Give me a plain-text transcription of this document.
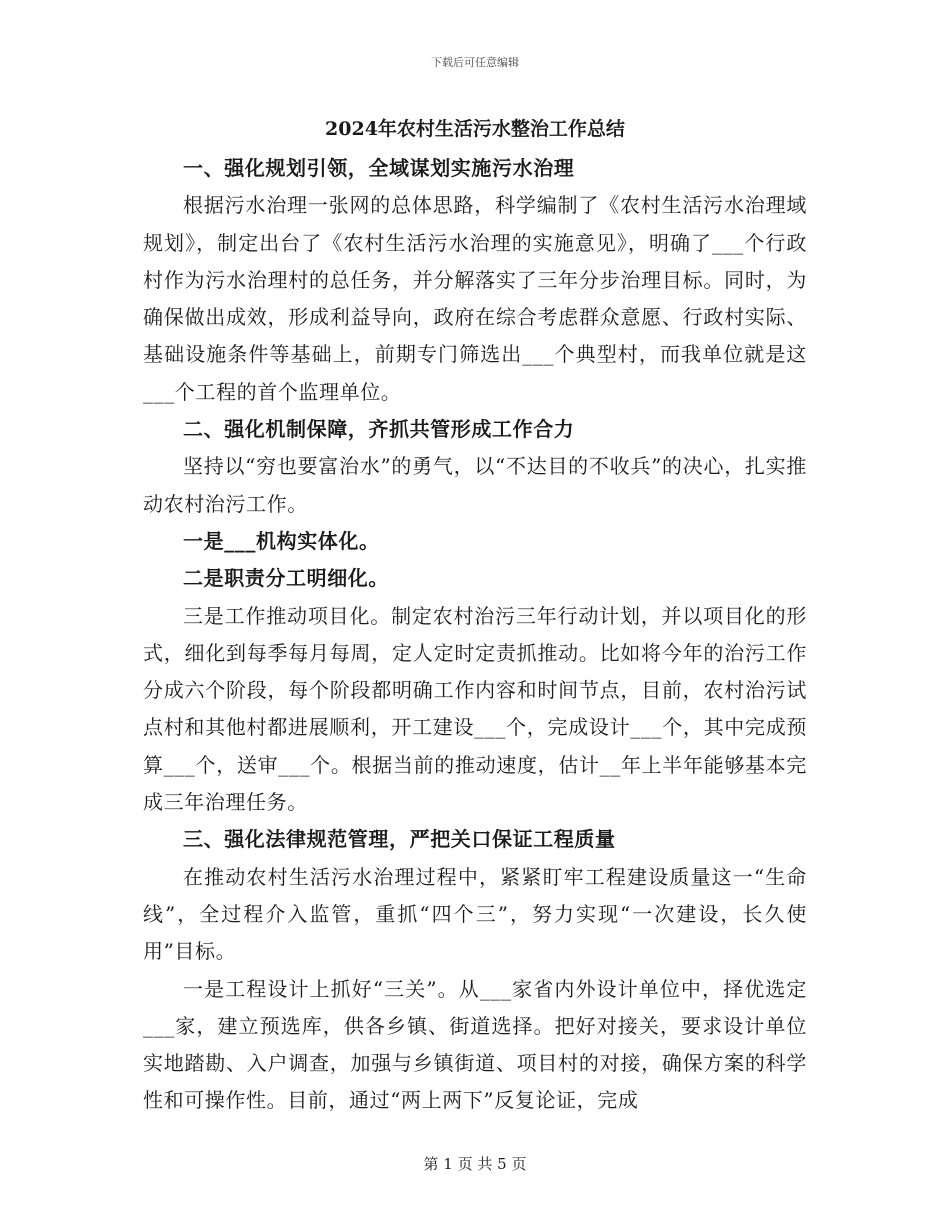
下载后可任意编辑
2024年农村生活污水整治工作总结

一、强化规划引领，全域谋划实施污水治理

根据污水治理一张网的总体思路，科学编制了《农村生活污水治理域规划》，制定出台了《农村生活污水治理的实施意见》，明确了___个行政村作为污水治理村的总任务，并分解落实了三年分步治理目标。同时，为确保做出成效，形成利益导向，政府在综合考虑群众意愿、行政村实际、基础设施条件等基础上，前期专门筛选出___个典型村，而我单位就是这___个工程的首个监理单位。

二、强化机制保障，齐抓共管形成工作合力

坚持以“穷也要富治水”的勇气，以“不达目的不收兵”的决心，扎实推动农村治污工作。

一是___机构实体化。

二是职责分工明细化。

三是工作推动项目化。制定农村治污三年行动计划，并以项目化的形式，细化到每季每月每周，定人定时定责抓推动。比如将今年的治污工作分成六个阶段，每个阶段都明确工作内容和时间节点，目前，农村治污试点村和其他村都进展顺利，开工建设___个，完成设计___个，其中完成预算___个，送审___个。根据当前的推动速度，估计__年上半年能够基本完成三年治理任务。

三、强化法律规范管理，严把关口保证工程质量

在推动农村生活污水治理过程中，紧紧盯牢工程建设质量这一“生命线”，全过程介入监管，重抓“四个三”，努力实现“一次建设，长久使用”目标。

一是工程设计上抓好“三关”。从___家省内外设计单位中，择优选定___家，建立预选库，供各乡镇、街道选择。把好对接关，要求设计单位实地踏勘、入户调查，加强与乡镇街道、项目村的对接，确保方案的科学性和可操作性。目前，通过“两上两下”反复论证，完成

第 1 页 共 5 页
